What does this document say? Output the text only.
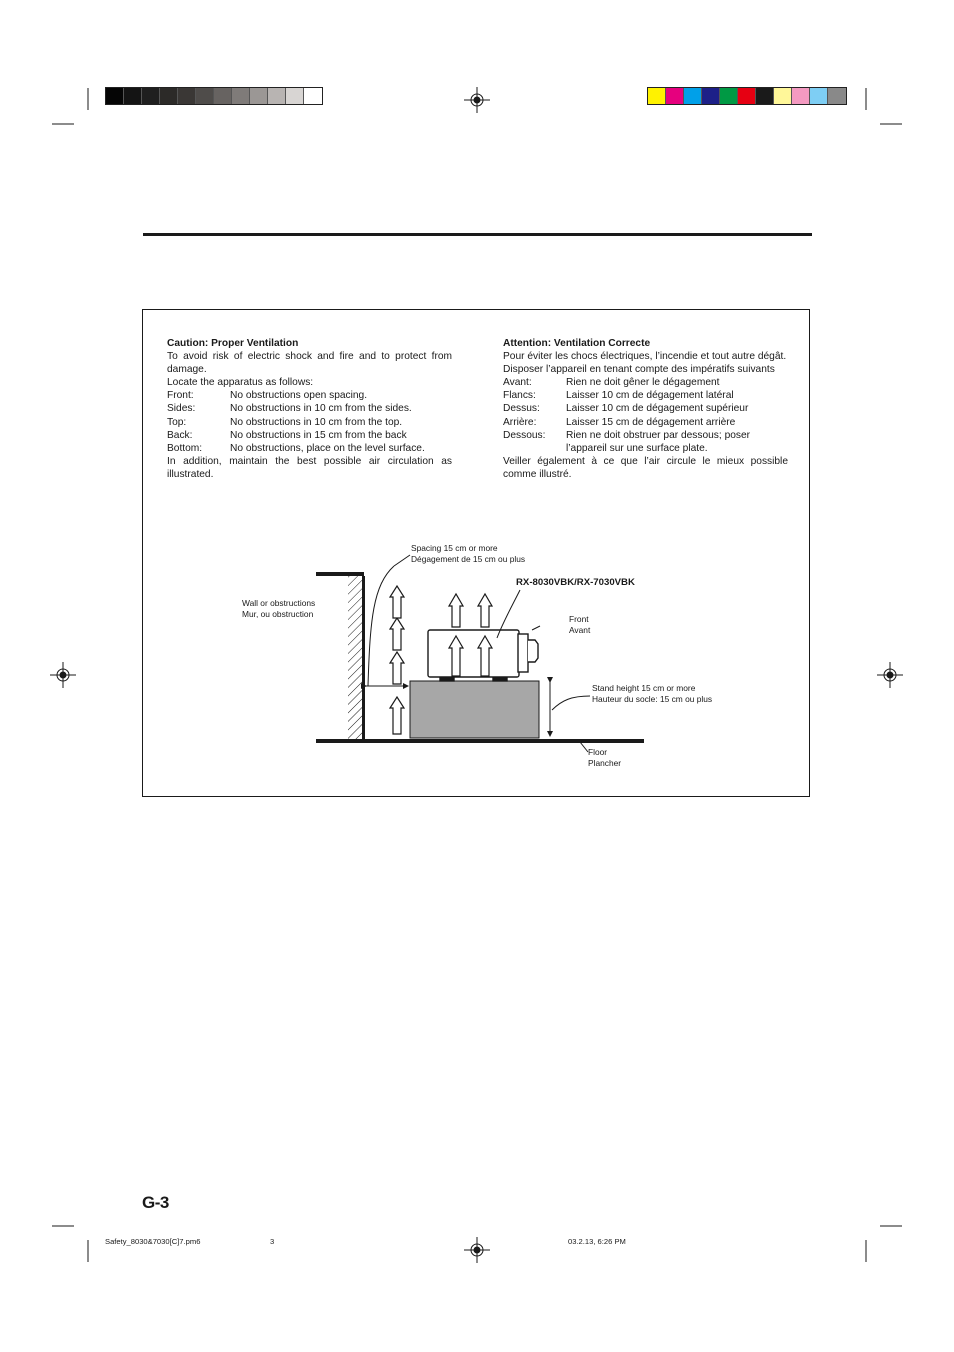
Caution: Proper Ventilation
To avoid risk of electric shock and fire and to protect from damage.
Locate the apparatus as follows:
Front:	No obstructions open spacing.
Sides:	No obstructions in 10 cm from the sides.
Top:	No obstructions in 10 cm from the top.
Back:	No obstructions in 15 cm from the back
Bottom:	No obstructions, place on the level surface.
In addition, maintain the best possible air circulation as illustrated.
Attention: Ventilation Correcte
Pour éviter les chocs électriques, l’incendie et tout autre dégât.
Disposer l’appareil en tenant compte des impératifs suivants
Avant:	Rien ne doit gêner le dégagement
Flancs:	Laisser 10 cm de dégagement latéral
Dessus:	Laisser 10 cm de dégagement supérieur
Arrière:	Laisser 15 cm de dégagement arrière
Dessous:	Rien ne doit obstruer par dessous; poser l’appareil sur une surface plate.
Veiller également à ce que l’air circule le mieux possible comme illustré.
Spacing 15 cm or more
Dégagement de 15 cm ou plus
RX-8030VBK/RX-7030VBK
Wall or obstructions
Mur, ou obstruction
Front
Avant
Stand height 15 cm or more
Hauteur du socle: 15 cm ou plus
Floor
Plancher
G-3
Safety_8030&7030[C]7.pm6	3	03.2.13, 6:26 PM
